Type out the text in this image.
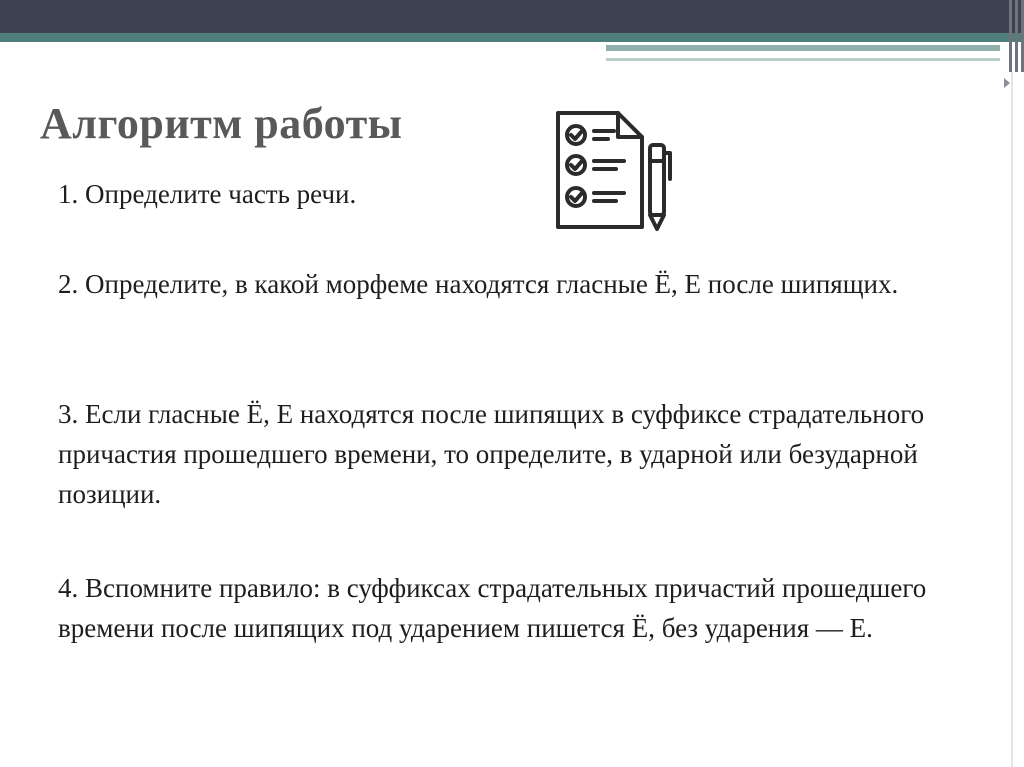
Алгоритм работы

1. Определите часть речи.

2. Определите, в какой морфеме находятся гласные Ё, Е после шипящих.

3. Если гласные Ё, Е находятся после шипящих в суффиксе страдательного причастия прошедшего времени, то определите, в ударной или безударной позиции.

4. Вспомните правило: в суффиксах страдательных причастий прошедшего времени после шипящих под ударением пишется Ё, без ударения — Е.
